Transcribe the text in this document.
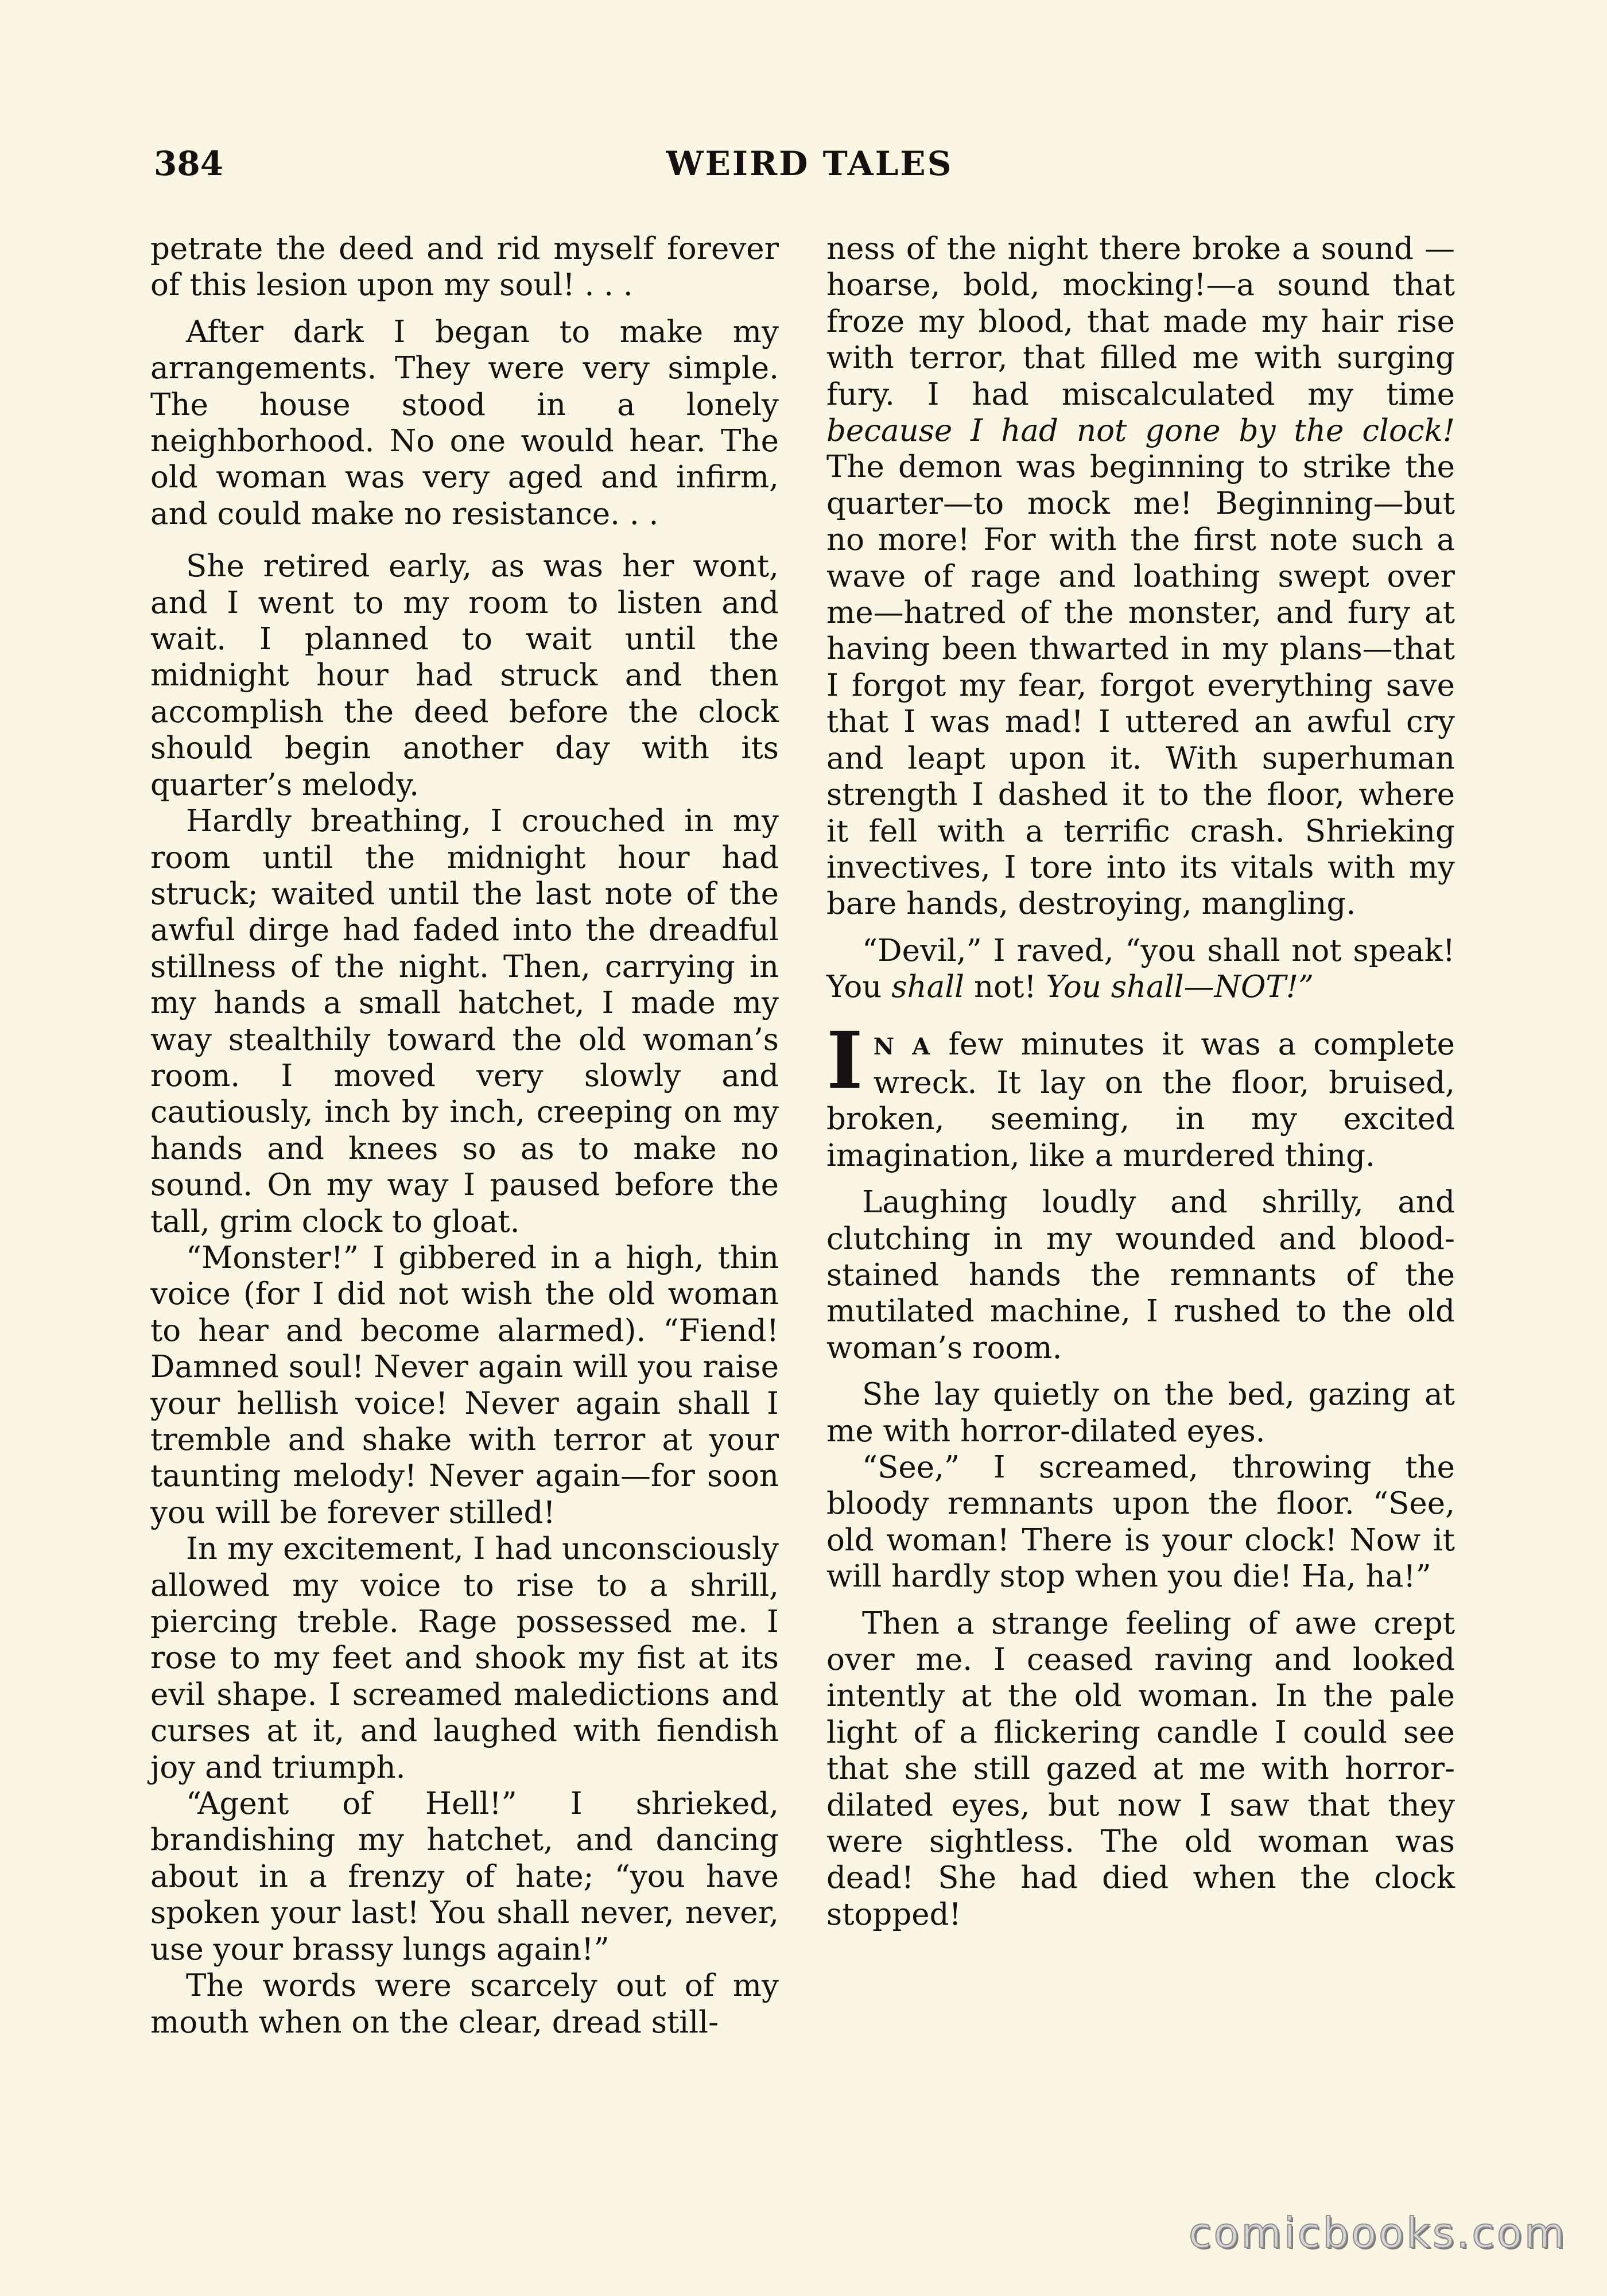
384	WEIRD TALES

petrate the deed and rid myself forever of this lesion upon my soul! . . .

After dark I began to make my arrangements. They were very simple. The house stood in a lonely neighborhood. No one would hear. The old woman was very aged and infirm, and could make no resistance. . .

She retired early, as was her wont, and I went to my room to listen and wait. I planned to wait until the midnight hour had struck and then accomplish the deed before the clock should begin another day with its quarter’s melody.

Hardly breathing, I crouched in my room until the midnight hour had struck; waited until the last note of the awful dirge had faded into the dreadful stillness of the night. Then, carrying in my hands a small hatchet, I made my way stealthily toward the old woman’s room. I moved very slowly and cautiously, inch by inch, creeping on my hands and knees so as to make no sound. On my way I paused before the tall, grim clock to gloat.

“Monster!” I gibbered in a high, thin voice (for I did not wish the old woman to hear and become alarmed). “Fiend! Damned soul! Never again will you raise your hellish voice! Never again shall I tremble and shake with terror at your taunting melody! Never again—for soon you will be forever stilled!

In my excitement, I had unconsciously allowed my voice to rise to a shrill, piercing treble. Rage possessed me. I rose to my feet and shook my fist at its evil shape. I screamed maledictions and curses at it, and laughed with fiendish joy and triumph.

“Agent of Hell!” I shrieked, brandishing my hatchet, and dancing about in a frenzy of hate; “you have spoken your last! You shall never, never, use your brassy lungs again!”

The words were scarcely out of my mouth when on the clear, dread still-

ness of the night there broke a sound —hoarse, bold, mocking!—a sound that froze my blood, that made my hair rise with terror, that filled me with surging fury. I had miscalculated my time because I had not gone by the clock! The demon was beginning to strike the quarter—to mock me! Beginning—but no more! For with the first note such a wave of rage and loathing swept over me—hatred of the monster, and fury at having been thwarted in my plans—that I forgot my fear, forgot everything save that I was mad! I uttered an awful cry and leapt upon it. With superhuman strength I dashed it to the floor, where it fell with a terrific crash. Shrieking invectives, I tore into its vitals with my bare hands, destroying, mangling.

“Devil,” I raved, “you shall not speak! You shall not! You shall—NOT!”

I N A few minutes it was a complete wreck. It lay on the floor, bruised, broken, seeming, in my excited imagination, like a murdered thing.

Laughing loudly and shrilly, and clutching in my wounded and blood-stained hands the remnants of the mutilated machine, I rushed to the old woman’s room.

She lay quietly on the bed, gazing at me with horror-dilated eyes.

“See,” I screamed, throwing the bloody remnants upon the floor. “See, old woman! There is your clock! Now it will hardly stop when you die! Ha, ha!”

Then a strange feeling of awe crept over me. I ceased raving and looked intently at the old woman. In the pale light of a flickering candle I could see that she still gazed at me with horror-dilated eyes, but now I saw that they were sightless. The old woman was dead! She had died when the clock stopped!

comicbooks.com
